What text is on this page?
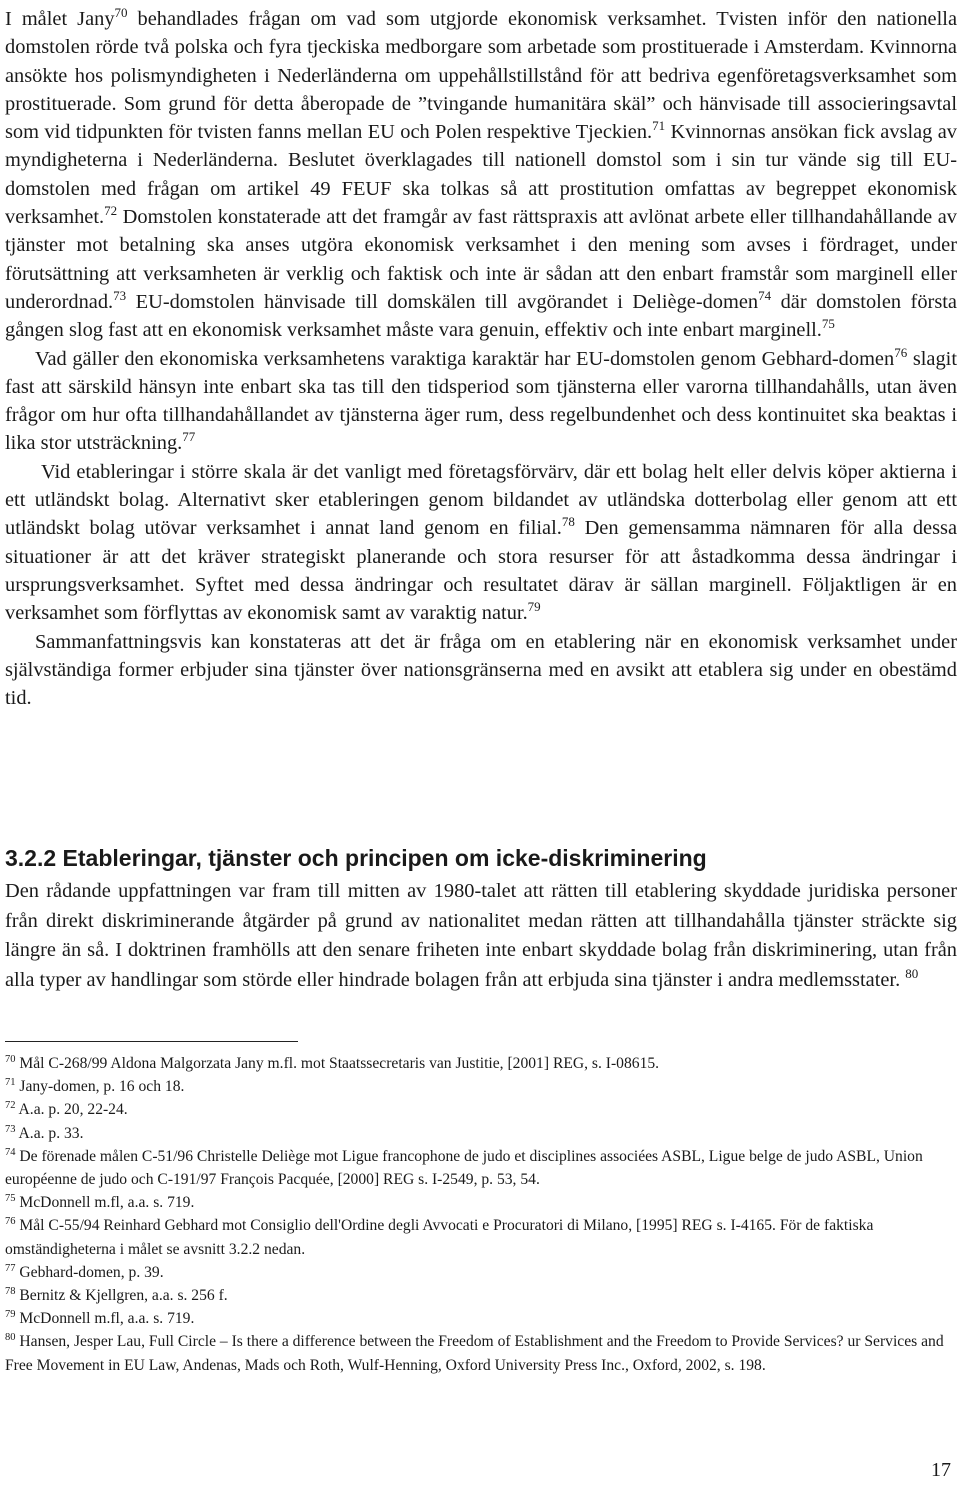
I målet Jany$^{70}$ behandlades frågan om vad som utgjorde ekonomisk verksamhet. Tvisten inför den nationella domstolen rörde två polska och fyra tjeckiska medborgare som arbetade som prostituerade i Amsterdam. Kvinnorna ansökte hos polismyndigheten i Nederländerna om uppehållstillstånd för att bedriva egenföretagsverksamhet som prostituerade. Som grund för detta åberopade de ”tvingande humanitära skäl” och hänvisade till associeringsavtal som vid tidpunkten för tvisten fanns mellan EU och Polen respektive Tjeckien.$^{71}$ Kvinnornas ansökan fick avslag av myndigheterna i Nederländerna. Beslutet överklagades till nationell domstol som i sin tur vände sig till EU-domstolen med frågan om artikel 49 FEUF ska tolkas så att prostitution omfattas av begreppet ekonomisk verksamhet.$^{72}$ Domstolen konstaterade att det framgår av fast rättspraxis att avlönat arbete eller tillhandahållande av tjänster mot betalning ska anses utgöra ekonomisk verksamhet i den mening som avses i fördraget, under förutsättning att verksamheten är verklig och faktisk och inte är sådan att den enbart framstår som marginell eller underordnad.$^{73}$ EU-domstolen hänvisade till domskälen till avgörandet i Deliège-domen$^{74}$ där domstolen första gången slog fast att en ekonomisk verksamhet måste vara genuin, effektiv och inte enbart marginell.$^{75}$

Vad gäller den ekonomiska verksamhetens varaktiga karaktär har EU-domstolen genom Gebhard-domen$^{76}$ slagit fast att särskild hänsyn inte enbart ska tas till den tidsperiod som tjänsterna eller varorna tillhandahålls, utan även frågor om hur ofta tillhandahållandet av tjänsterna äger rum, dess regelbundenhet och dess kontinuitet ska beaktas i lika stor utsträckning.$^{77}$

Vid etableringar i större skala är det vanligt med företagsförvärv, där ett bolag helt eller delvis köper aktierna i ett utländskt bolag. Alternativt sker etableringen genom bildandet av utländska dotterbolag eller genom att ett utländskt bolag utövar verksamhet i annat land genom en filial.$^{78}$ Den gemensamma nämnaren för alla dessa situationer är att det kräver strategiskt planerande och stora resurser för att åstadkomma dessa ändringar i ursprungsverksamhet. Syftet med dessa ändringar och resultatet därav är sällan marginell. Följaktligen är en verksamhet som förflyttas av ekonomisk samt av varaktig natur.$^{79}$

Sammanfattningsvis kan konstateras att det är fråga om en etablering när en ekonomisk verksamhet under självständiga former erbjuder sina tjänster över nationsgränserna med en avsikt att etablera sig under en obestämd tid.

3.2.2 Etableringar, tjänster och principen om icke-diskriminering

Den rådande uppfattningen var fram till mitten av 1980-talet att rätten till etablering skyddade juridiska personer från direkt diskriminerande åtgärder på grund av nationalitet medan rätten att tillhandahålla tjänster sträckte sig längre än så. I doktrinen framhölls att den senare friheten inte enbart skyddade bolag från diskriminering, utan från alla typer av handlingar som störde eller hindrade bolagen från att erbjuda sina tjänster i andra medlemsstater. $^{80}$

$^{70}$ Mål C-268/99 Aldona Malgorzata Jany m.fl. mot Staatssecretaris van Justitie, [2001] REG, s. I-08615.
$^{71}$ Jany-domen, p. 16 och 18.
$^{72}$ A.a. p. 20, 22-24.
$^{73}$ A.a. p. 33.
$^{74}$ De förenade målen C-51/96 Christelle Deliège mot Ligue francophone de judo et disciplines associées ASBL, Ligue belge de judo ASBL, Union européenne de judo och C-191/97 François Pacquée, [2000] REG s. I-2549, p. 53, 54.
$^{75}$ McDonnell m.fl, a.a. s. 719.
$^{76}$ Mål C-55/94 Reinhard Gebhard mot Consiglio dell'Ordine degli Avvocati e Procuratori di Milano, [1995] REG s. I-4165. För de faktiska omständigheterna i målet se avsnitt 3.2.2 nedan.
$^{77}$ Gebhard-domen, p. 39.
$^{78}$ Bernitz & Kjellgren, a.a. s. 256 f.
$^{79}$ McDonnell m.fl, a.a. s. 719.
$^{80}$ Hansen, Jesper Lau, Full Circle – Is there a difference between the Freedom of Establishment and the Freedom to Provide Services? ur Services and Free Movement in EU Law, Andenas, Mads och Roth, Wulf-Henning, Oxford University Press Inc., Oxford, 2002, s. 198.
17
